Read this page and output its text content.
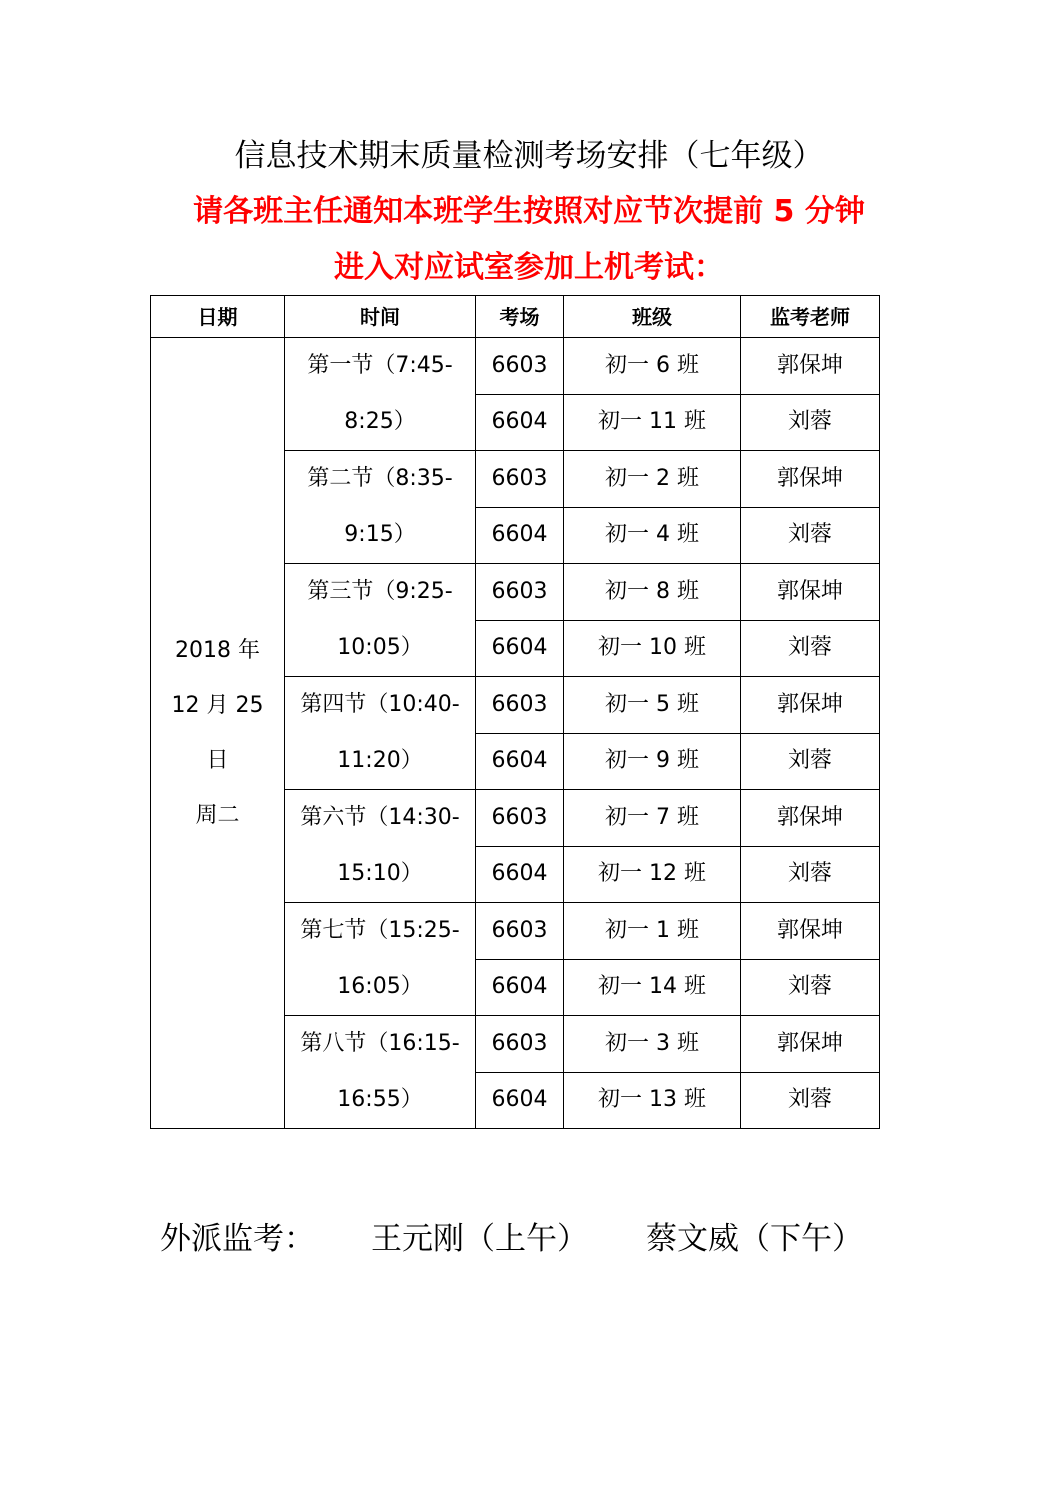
信息技术期末质量检测考场安排（七年级）

请各班主任通知本班学生按照对应节次提前 5 分钟

进入对应试室参加上机考试：

日期	时间	考场	班级	监考老师

2018 年
12 月 25
日
周二	第一节（7:45-
8:25）	6603	初一 6 班	郭保坤
		6604	初一 11 班	刘蓉

	第二节（8:35-
9:15）	6603	初一 2 班	郭保坤
		6604	初一 4 班	刘蓉

	第三节（9:25-
10:05）	6603	初一 8 班	郭保坤
		6604	初一 10 班	刘蓉

	第四节（10:40-
11:20）	6603	初一 5 班	郭保坤
		6604	初一 9 班	刘蓉

	第六节（14:30-
15:10）	6603	初一 7 班	郭保坤
		6604	初一 12 班	刘蓉

	第七节（15:25-
16:05）	6603	初一 1 班	郭保坤
		6604	初一 14 班	刘蓉

	第八节（16:15-
16:55）	6603	初一 3 班	郭保坤
		6604	初一 13 班	刘蓉
外派监考： 王元刚（上午） 蔡文威（下午）
